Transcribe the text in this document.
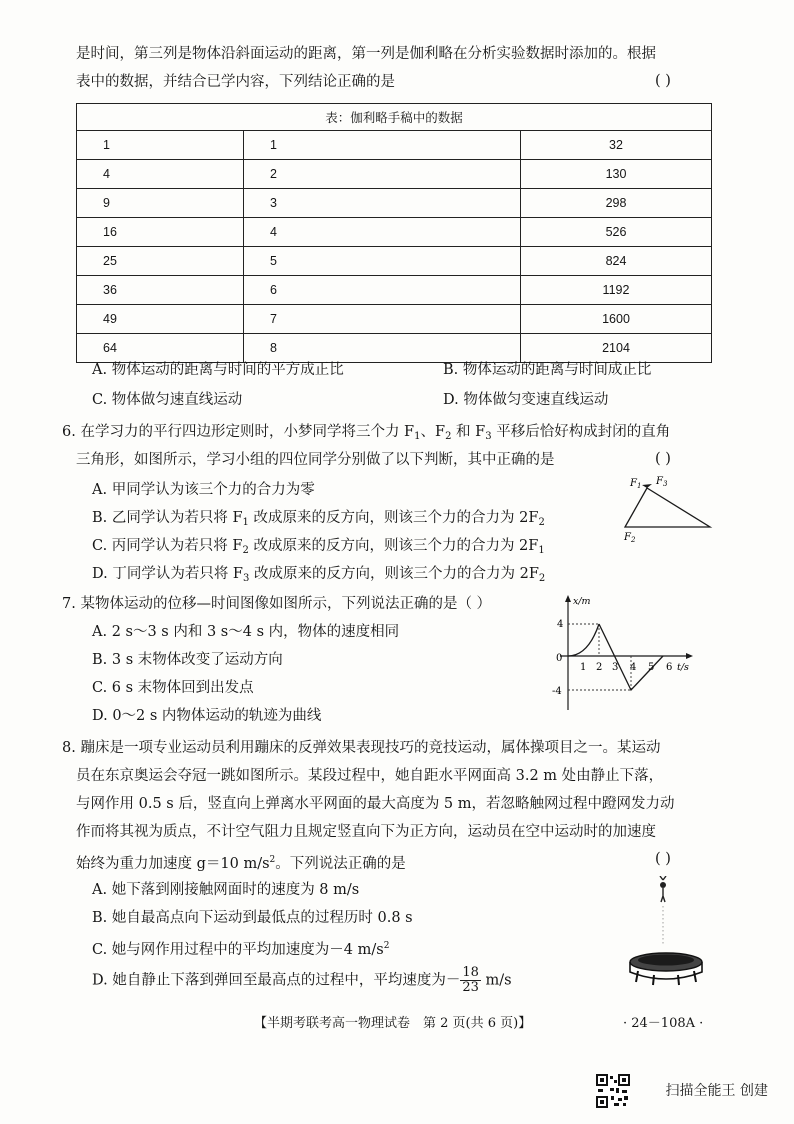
是时间，第三列是物体沿斜面运动的距离，第一列是伽利略在分析实验数据时添加的。根据
表中的数据，并结合已学内容，下列结论正确的是	( )
表：伽利略手稿中的数据		
1	1	32
4	2	130
9	3	298
16	4	526
25	5	824
36	6	1192
49	7	1600
64	8	2104
A. 物体运动的距离与时间的平方成正比	B. 物体运动的距离与时间成正比
C. 物体做匀速直线运动	D. 物体做匀变速直线运动
6. 在学习力的平行四边形定则时，小梦同学将三个力 $F_1$、$F_2$ 和 $F_3$ 平移后恰好构成封闭的直角
三角形，如图所示，学习小组的四位同学分别做了以下判断，其中正确的是	( )
A. 甲同学认为该三个力的合力为零
B. 乙同学认为若只将 $F_1$ 改成原来的反方向，则该三个力的合力为 $2F_2$
C. 丙同学认为若只将 $F_2$ 改成原来的反方向，则该三个力的合力为 $2F_1$
D. 丁同学认为若只将 $F_3$ 改成原来的反方向，则该三个力的合力为 $2F_2$
$F_1$ $F_3$
$F_2$
7. 某物体运动的位移—时间图像如图所示，下列说法正确的是（ ）
A. 2 s～3 s 内和 3 s～4 s 内，物体的速度相同
B. 3 s 末物体改变了运动方向
C. 6 s 末物体回到出发点
D. 0～2 s 内物体运动的轨迹为曲线
x/m
t/s
0
4
-4
1 2 3 4 5 6
8. 蹦床是一项专业运动员利用蹦床的反弹效果表现技巧的竞技运动，属体操项目之一。某运动
员在东京奥运会夺冠一跳如图所示。某段过程中，她自距水平网面高 3.2 m 处由静止下落，
与网作用 0.5 s 后，竖直向上弹离水平网面的最大高度为 5 m，若忽略触网过程中蹬网发力动
作而将其视为质点，不计空气阻力且规定竖直向下为正方向，运动员在空中运动时的加速度
始终为重力加速度 g＝10 $m/s^2$。下列说法正确的是	( )
A. 她下落到刚接触网面时的速度为 8 m/s
B. 她自最高点向下运动到最低点的过程历时 0.8 s
C. 她与网作用过程中的平均加速度为－4 $m/s^2$
D. 她自静止下落到弹回至最高点的过程中，平均速度为－ $\frac{18}{23} m/s$
【半期考联考高一物理试卷　第 2 页(共 6 页)】	· 24－108A ·
扫描全能王 创建
